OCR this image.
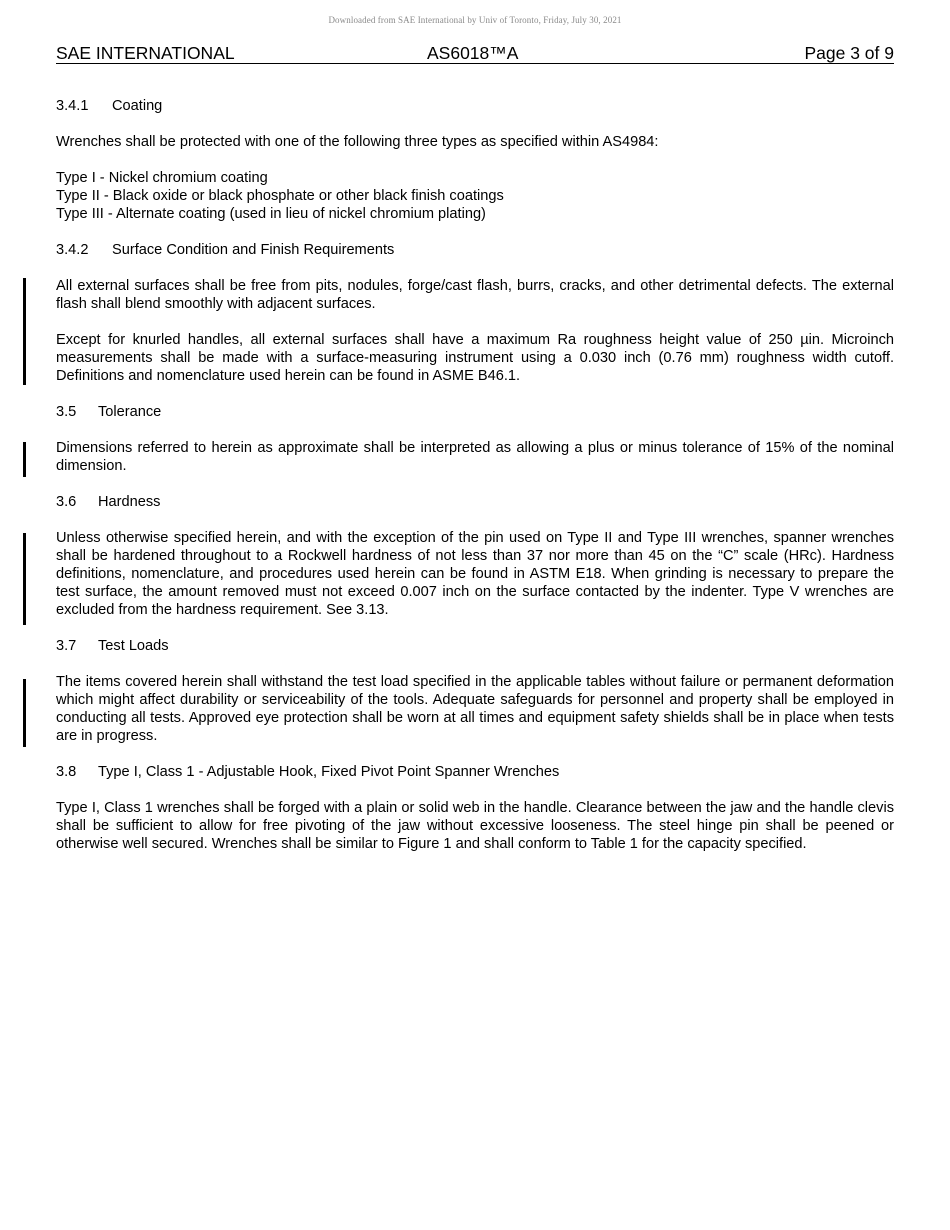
Downloaded from SAE International by Univ of Toronto, Friday, July 30, 2021
SAE INTERNATIONAL	AS6018™A	Page 3 of 9
3.4.1 Coating

Wrenches shall be protected with one of the following three types as specified within AS4984:

Type I - Nickel chromium coating
Type II - Black oxide or black phosphate or other black finish coatings
Type III - Alternate coating (used in lieu of nickel chromium plating)
3.4.2 Surface Condition and Finish Requirements

All external surfaces shall be free from pits, nodules, forge/cast flash, burrs, cracks, and other detrimental defects. The external flash shall blend smoothly with adjacent surfaces.

Except for knurled handles, all external surfaces shall have a maximum Ra roughness height value of 250 µin. Microinch measurements shall be made with a surface-measuring instrument using a 0.030 inch (0.76 mm) roughness width cutoff. Definitions and nomenclature used herein can be found in ASME B46.1.

3.5 Tolerance

Dimensions referred to herein as approximate shall be interpreted as allowing a plus or minus tolerance of 15% of the nominal dimension.

3.6 Hardness

Unless otherwise specified herein, and with the exception of the pin used on Type II and Type III wrenches, spanner wrenches shall be hardened throughout to a Rockwell hardness of not less than 37 nor more than 45 on the “C” scale (HRc). Hardness definitions, nomenclature, and procedures used herein can be found in ASTM E18. When grinding is necessary to prepare the test surface, the amount removed must not exceed 0.007 inch on the surface contacted by the indenter. Type V wrenches are excluded from the hardness requirement. See 3.13.

3.7 Test Loads

The items covered herein shall withstand the test load specified in the applicable tables without failure or permanent deformation which might affect durability or serviceability of the tools. Adequate safeguards for personnel and property shall be employed in conducting all tests. Approved eye protection shall be worn at all times and equipment safety shields shall be in place when tests are in progress.

3.8 Type I, Class 1 - Adjustable Hook, Fixed Pivot Point Spanner Wrenches

Type I, Class 1 wrenches shall be forged with a plain or solid web in the handle. Clearance between the jaw and the handle clevis shall be sufficient to allow for free pivoting of the jaw without excessive looseness. The steel hinge pin shall be peened or otherwise well secured. Wrenches shall be similar to Figure 1 and shall conform to Table 1 for the capacity specified.
